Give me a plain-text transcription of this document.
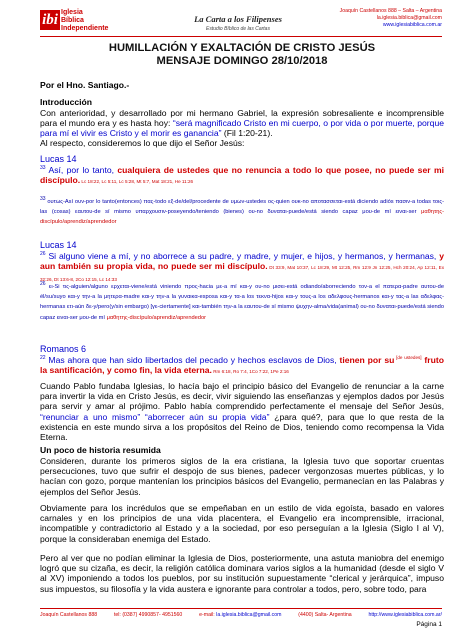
ibi Iglesia
Bíblica
Independiente
La Carta a los Filipenses
Estudio Bíblico de las Cartas
Joaquín Castellanos 888 – Salta – Argentina
la.iglesia.biblica@gmail.com
www.iglesiabiblica.com.ar
HUMILLACIÓN Y EXALTACIÓN DE CRISTO JESÚS
MENSAJE DOMINGO 28/10/2018
Por el Hno. Santiago.-
Introducción
Con anterioridad, y desarrollado por mi hermano Gabriel, la expresión sobresaliente e incomprensible para el mundo era y es hasta hoy: “será magnificado Cristo en mi cuerpo, o por vida o por muerte, porque para mí el vivir es Cristo y el morir es ganancia” (Fil 1:20-21).
Al respecto, consideremos lo que dijo el Señor Jesús:
Lucas 14
$^{33}$ Así, por lo tanto, cualquiera de ustedes que no renuncia a todo lo que posee, no puede ser mi discípulo. Lc 18:22, Lc 5:11, Lc 5:28, Mt 5:7, Mat 18:21, He 11:26
$^{33}$ ουτως-Así ουν-por lo tanto(entonces) πας-todo εξ-de/del/procedente de υμων-ustedes ος-quien ουκ-no αποτασσεται-está diciendo adiós πασιν-a todas τοις-las (cosas) εαυτου-de sí mismo υπαρχουσιν-poseyendo/teniendo (bienes) ου-no δυναται-puede/está siendo capaz μου-de mí ειναι-ser μαθητης-discípulo/aprendiz/aprendedor
Lucas 14
$^{26}$ Si alguno viene a mí, y no aborrece a su padre, y madre, y mujer, e hijos, y hermanos, y hermanas, y aun también su propia vida, no puede ser mi discípulo. Dt 33:9, Mat 10:37, Lc 18:29, Mt 12:25, Rm 12:9 Jn 12:25, Hch 20:24, Ap 12:11, Ex 32:26, Dt 13:6-8, 2Co 12:15, Lc 14:33
$^{26}$ ει-Si τις-alguien/alguno ερχεται-viene/está viniendo προς-hacia με-a mí και-y ου-no μισει-está odiando/aborreciendo τον-a el πατερα-padre αυτου-de él/su/suyo και-y την-a la μητερα-madre και-y την-a la γυναικα-esposa και-y τα-a los τεκνα-hijos και-y τους-a los αδελφους-hermanos και-y τας-a las αδελφας-hermanas ετι-aún δε-y/pero(y/sin embargo) [γε-ciertamente] και-también την-a la εαυτου-de sí mismo ψυχην-alma/vida(animal) ου-no δυναται-puede/está siendo capaz ειναι-ser μου-de mí μαθητης-discípulo/aprendiz/aprendedor
Romanos 6
$^{22}$ Mas ahora que han sido libertados del pecado y hechos esclavos de Dios, tienen por su [de ustedes] fruto la santificación, y como fin, la vida eterna. Rm 6:18, Ro 7:4, 1Co 7:22, 1Pe 2:16
Cuando Pablo fundaba Iglesias, lo hacía bajo el principio básico del Evangelio de renunciar a la carne para invertir la vida en Cristo Jesús, es decir, vivir siguiendo las enseñanzas y ejemplos dados por Jesús para servir y amar al prójimo. Pablo había comprendido perfectamente el mensaje del Señor Jesús, “renunciar a uno mismo” “aborrecer aún su propia vida” ¿para qué?, para que lo que resta de la existencia en este mundo sirva a los propósitos del Reino de Dios, teniendo como recompensa la Vida Eterna.
Un poco de historia resumida
Consideren, durante los primeros siglos de la era cristiana, la Iglesia tuvo que soportar cruentas persecuciones, tuvo que sufrir el despojo de sus bienes, padecer vergonzosas muertes públicas, y lo hacían con gozo, porque mantenían los principios básicos del Evangelio, permanecían en las Palabras y ejemplos del Señor Jesús.
Obviamente para los incrédulos que se empeñaban en un estilo de vida egoísta, basado en valores carnales y en los principios de una vida placentera, el Evangelio era incomprensible, irracional, incompatible y contradictorio al Estado y a la sociedad, por eso perseguían a la Iglesia (Siglo I al V), porque la consideraban enemiga del Estado.
Pero al ver que no podían eliminar la Iglesia de Dios, posteriormente, una astuta maniobra del enemigo logró que su cizaña, es decir, la religión católica dominara varios siglos a la humanidad (desde el siglo V al XV) imponiendo a todos los pueblos, por su institución supuestamente “clerical y jerárquica”, impuso sus impuestos, su filosofía y la vida austera e ignorante para controlar a todos, pero, sobre todo, para
Joaquín Castellanos 888	tel: (0387) 4990857- 4951560	e-mail: la.iglesia.biblica@gmail.com	(4400) Salta- Argentina	http://www.iglesiabiblica.com.ar/
Página 1
